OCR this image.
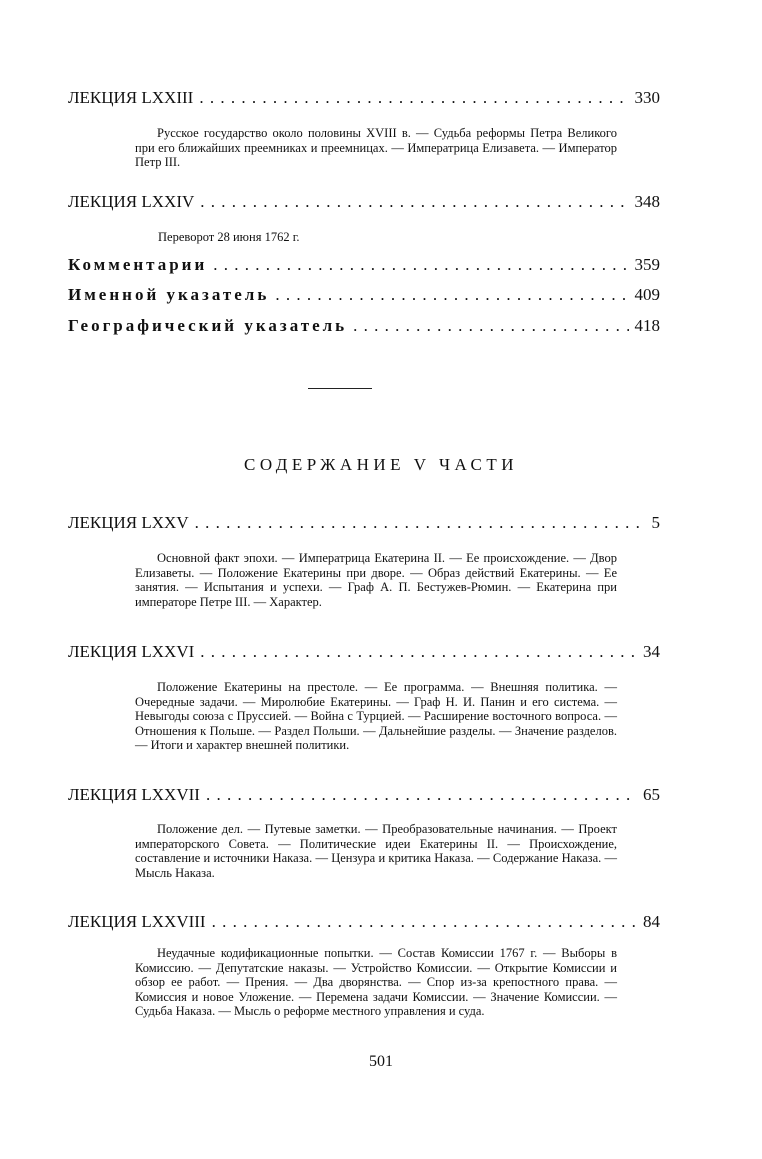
ЛЕКЦИЯ LXXIII . . .	330
Русское государство около половины XVIII в. — Судьба реформы Петра Великого при его ближайших преемниках и преемницах. — Императрица Елизавета. — Император Петр III.
ЛЕКЦИЯ LXXIV . . .	348
Переворот 28 июня 1762 г.
Комментарии . . .	359
Именной указатель . . .	409
Географический указатель . . .	418
СОДЕРЖАНИЕ V ЧАСТИ
ЛЕКЦИЯ LXXV . . .	5
Основной факт эпохи. — Императрица Екатерина II. — Ее происхождение. — Двор Елизаветы. — Положение Екатерины при дворе. — Образ действий Екатерины. — Ее занятия. — Испытания и успехи. — Граф А. П. Бестужев-Рюмин. — Екатерина при императоре Петре III. — Характер.
ЛЕКЦИЯ LXXVI . . .	34
Положение Екатерины на престоле. — Ее программа. — Внешняя политика. — Очередные задачи. — Миролюбие Екатерины. — Граф Н. И. Панин и его система. — Невыгоды союза с Пруссией. — Война с Турцией. — Расширение восточного вопроса. — Отношения к Польше. — Раздел Польши. — Дальнейшие разделы. — Значение разделов. — Итоги и характер внешней политики.
ЛЕКЦИЯ LXXVII . . .	65
Положение дел. — Путевые заметки. — Преобразовательные начинания. — Проект императорского Совета. — Политические идеи Екатерины II. — Происхождение, составление и источники Наказа. — Цензура и критика Наказа. — Содержание Наказа. — Мысль Наказа.
ЛЕКЦИЯ LXXVIII . . .	84
Неудачные кодификационные попытки. — Состав Комиссии 1767 г. — Выборы в Комиссию. — Депутатские наказы. — Устройство Комиссии. — Открытие Комиссии и обзор ее работ. — Прения. — Два дворянства. — Спор из-за крепостного права. — Комиссия и новое Уложение. — Перемена задачи Комиссии. — Значение Комиссии. — Судьба Наказа. — Мысль о реформе местного управления и суда.
501
